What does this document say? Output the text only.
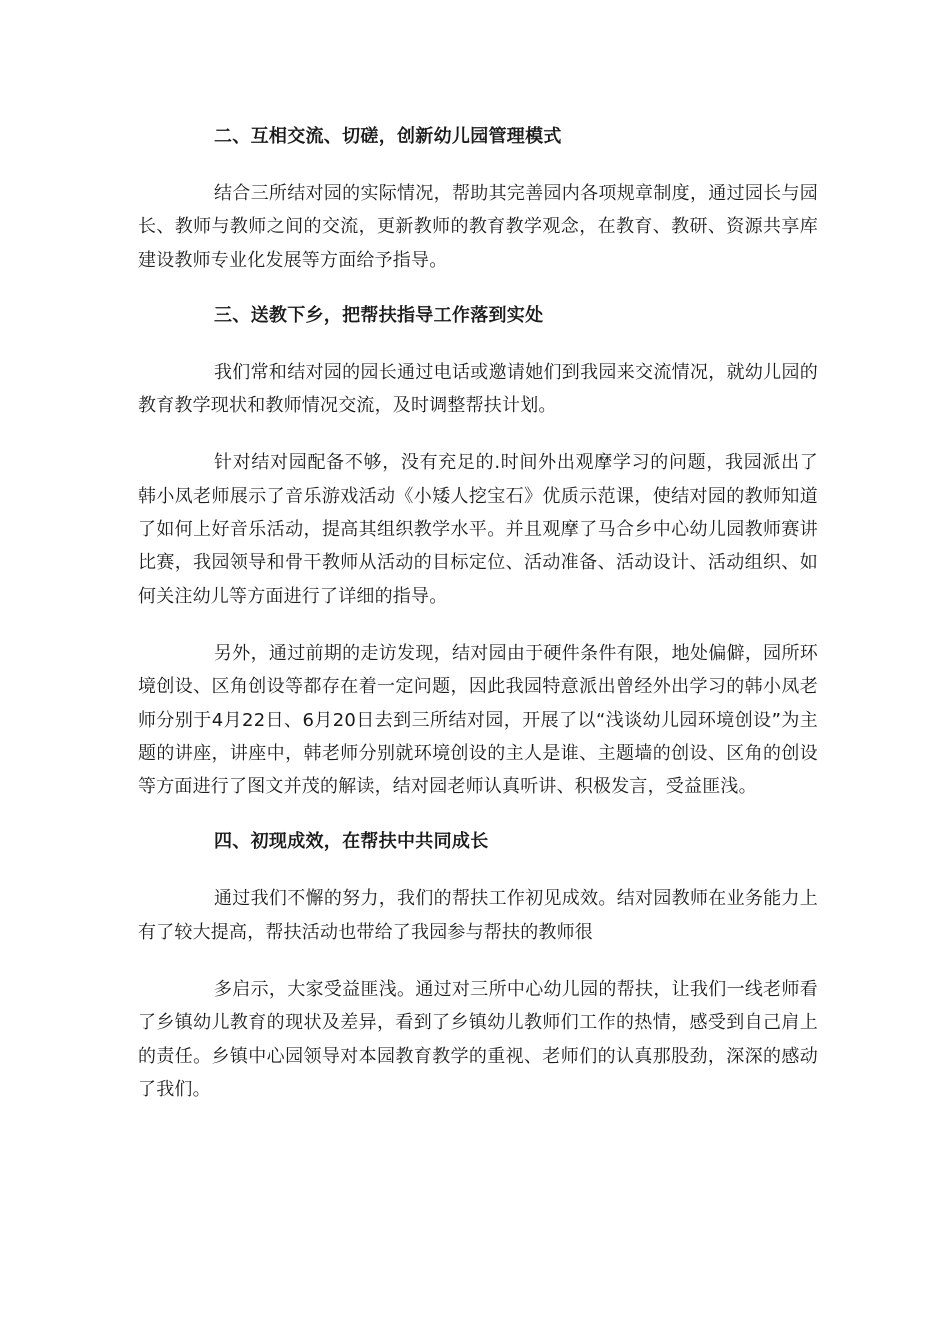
二、互相交流、切磋，创新幼儿园管理模式

结合三所结对园的实际情况，帮助其完善园内各项规章制度，通过园长与园长、教师与教师之间的交流，更新教师的教育教学观念，在教育、教研、资源共享库建设教师专业化发展等方面给予指导。

三、送教下乡，把帮扶指导工作落到实处

我们常和结对园的园长通过电话或邀请她们到我园来交流情况，就幼儿园的教育教学现状和教师情况交流，及时调整帮扶计划。

针对结对园配备不够，没有充足的.时间外出观摩学习的问题，我园派出了韩小凤老师展示了音乐游戏活动《小矮人挖宝石》优质示范课，使结对园的教师知道了如何上好音乐活动，提高其组织教学水平。并且观摩了马合乡中心幼儿园教师赛讲比赛，我园领导和骨干教师从活动的目标定位、活动准备、活动设计、活动组织、如何关注幼儿等方面进行了详细的指导。

另外，通过前期的走访发现，结对园由于硬件条件有限，地处偏僻，园所环境创设、区角创设等都存在着一定问题，因此我园特意派出曾经外出学习的韩小凤老师分别于4月22日、6月20日去到三所结对园，开展了以“浅谈幼儿园环境创设”为主题的讲座，讲座中，韩老师分别就环境创设的主人是谁、主题墙的创设、区角的创设等方面进行了图文并茂的解读，结对园老师认真听讲、积极发言，受益匪浅。

四、初现成效，在帮扶中共同成长

通过我们不懈的努力，我们的帮扶工作初见成效。结对园教师在业务能力上有了较大提高，帮扶活动也带给了我园参与帮扶的教师很

多启示，大家受益匪浅。通过对三所中心幼儿园的帮扶，让我们一线老师看了乡镇幼儿教育的现状及差异，看到了乡镇幼儿教师们工作的热情，感受到自己肩上的责任。乡镇中心园领导对本园教育教学的重视、老师们的认真那股劲，深深的感动了我们。
